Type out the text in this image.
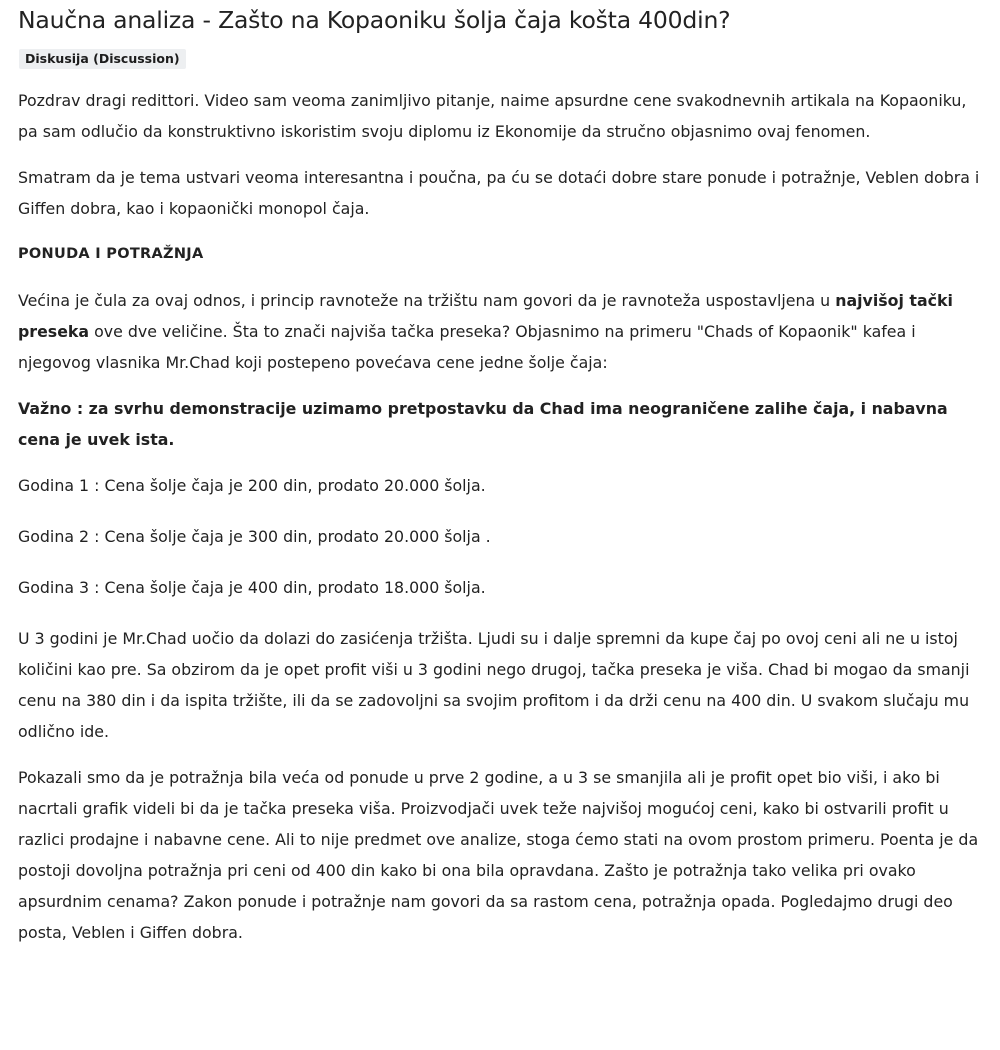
Naučna analiza - Zašto na Kopaoniku šolja čaja košta 400din?
Diskusija (Discussion)

Pozdrav dragi redittori. Video sam veoma zanimljivo pitanje, naime apsurdne cene svakodnevnih artikala na Kopaoniku, pa sam odlučio da konstruktivno iskoristim svoju diplomu iz Ekonomije da stručno objasnimo ovaj fenomen.

Smatram da je tema ustvari veoma interesantna i poučna, pa ću se dotaći dobre stare ponude i potražnje, Veblen dobra i Giffen dobra, kao i kopaonički monopol čaja.

PONUDA I POTRAŽNJA

Većina je čula za ovaj odnos, i princip ravnoteže na tržištu nam govori da je ravnoteža uspostavljena u najvišoj tački preseka ove dve veličine. Šta to znači najviša tačka preseka? Objasnimo na primeru "Chads of Kopaonik" kafea i njegovog vlasnika Mr.Chad koji postepeno povećava cene jedne šolje čaja:

Važno : za svrhu demonstracije uzimamo pretpostavku da Chad ima neograničene zalihe čaja, i nabavna cena je uvek ista.

Godina 1 : Cena šolje čaja je 200 din, prodato 20.000 šolja.

Godina 2 : Cena šolje čaja je 300 din, prodato 20.000 šolja .

Godina 3 : Cena šolje čaja je 400 din, prodato 18.000 šolja.

U 3 godini je Mr.Chad uočio da dolazi do zasićenja tržišta. Ljudi su i dalje spremni da kupe čaj po ovoj ceni ali ne u istoj količini kao pre. Sa obzirom da je opet profit viši u 3 godini nego drugoj, tačka preseka je viša. Chad bi mogao da smanji cenu na 380 din i da ispita tržište, ili da se zadovoljni sa svojim profitom i da drži cenu na 400 din. U svakom slučaju mu odlično ide.

Pokazali smo da je potražnja bila veća od ponude u prve 2 godine, a u 3 se smanjila ali je profit opet bio viši, i ako bi nacrtali grafik videli bi da je tačka preseka viša. Proizvodjači uvek teže najvišoj mogućoj ceni, kako bi ostvarili profit u razlici prodajne i nabavne cene. Ali to nije predmet ove analize, stoga ćemo stati na ovom prostom primeru. Poenta je da postoji dovoljna potražnja pri ceni od 400 din kako bi ona bila opravdana. Zašto je potražnja tako velika pri ovako apsurdnim cenama? Zakon ponude i potražnje nam govori da sa rastom cena, potražnja opada. Pogledajmo drugi deo posta, Veblen i Giffen dobra.
